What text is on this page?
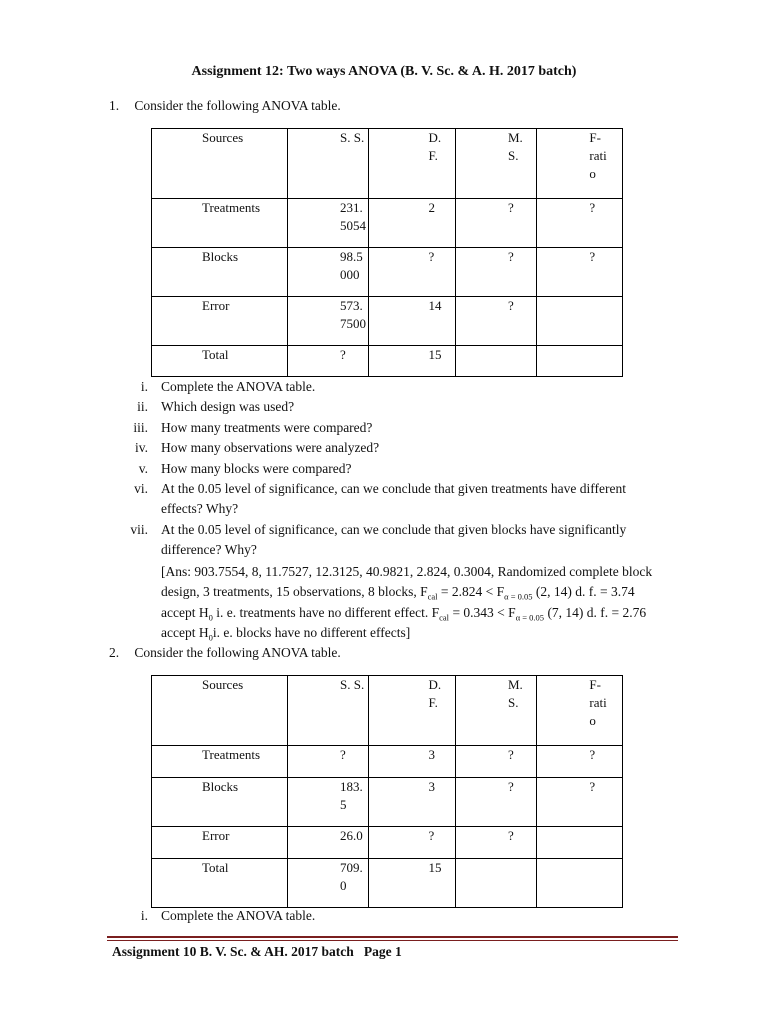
Assignment 12: Two ways ANOVA (B. V. Sc. & A. H. 2017 batch)
1. Consider the following ANOVA table.
Sources	S. S.	D. F.	M. S.	F-ratio

Treatments	231.5054	2	?	?
Blocks	98.5000	?	?	?
Error	573.7500	14	?	
Total	?	15		
i. Complete the ANOVA table.
ii. Which design was used?
iii. How many treatments were compared?
iv. How many observations were analyzed?
v. How many blocks were compared?
vi. At the 0.05 level of significance, can we conclude that given treatments have different effects? Why?
vii. At the 0.05 level of significance, can we conclude that given blocks have significantly difference? Why?
[Ans: 903.7554, 8, 11.7527, 12.3125, 40.9821, 2.824, 0.3004, Randomized complete block design, 3 treatments, 15 observations, 8 blocks, $F_{cal} = 2.824 < F_{\alpha = 0.05}$ (2, 14) d. f. = 3.74 accept $H_0$ i. e. treatments have no different effect. $F_{cal} = 0.343 < F_{\alpha = 0.05}$ (7, 14) d. f. = 2.76 accept $H_0i$. e. blocks have no different effects]
2. Consider the following ANOVA table.
Sources	S. S.	D. F.	M. S.	F-ratio

Treatments	?	3	?	?
Blocks	183.5	3	?	?
Error	26.0	?	?	
Total	709.0	15		
i. Complete the ANOVA table.
Assignment 10 B. V. Sc. & AH. 2017 batch Page 1
